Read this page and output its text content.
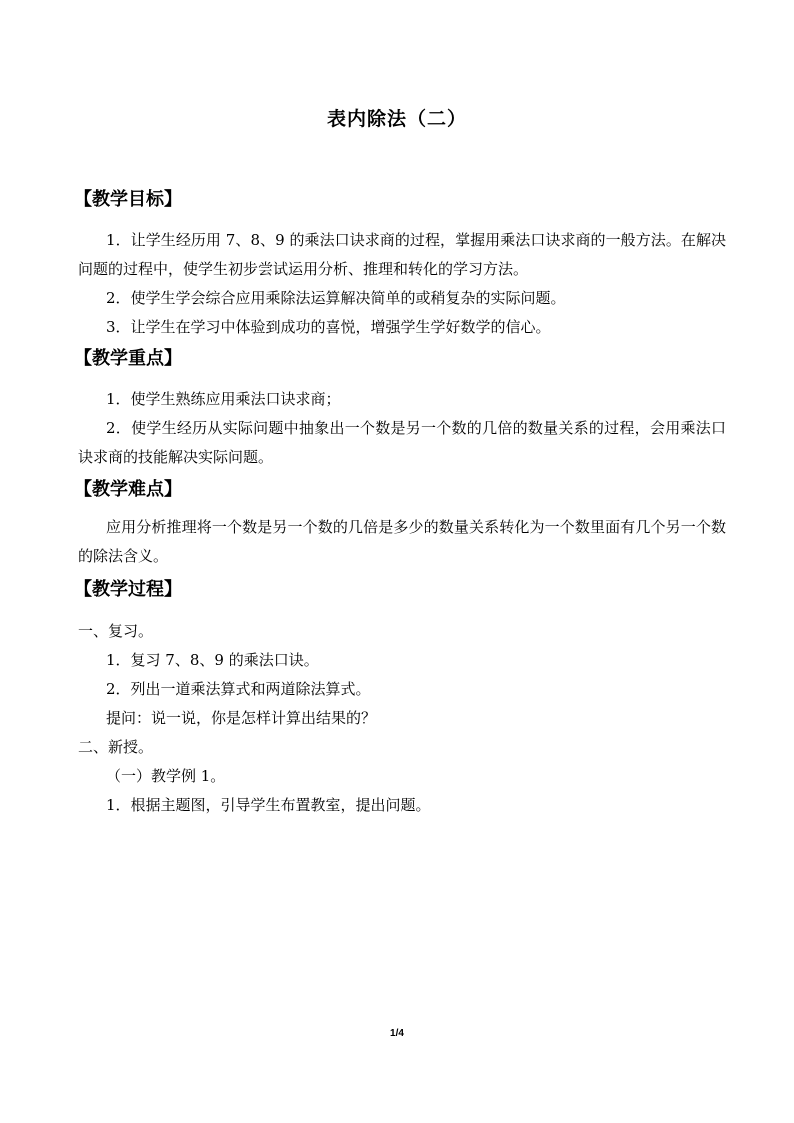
表内除法（二）
【教学目标】
1．让学生经历用 7、8、9 的乘法口诀求商的过程，掌握用乘法口诀求商的一般方法。在解决问题的过程中，使学生初步尝试运用分析、推理和转化的学习方法。
2．使学生学会综合应用乘除法运算解决简单的或稍复杂的实际问题。
3．让学生在学习中体验到成功的喜悦，增强学生学好数学的信心。
【教学重点】
1．使学生熟练应用乘法口诀求商；
2．使学生经历从实际问题中抽象出一个数是另一个数的几倍的数量关系的过程，会用乘法口诀求商的技能解决实际问题。
【教学难点】
应用分析推理将一个数是另一个数的几倍是多少的数量关系转化为一个数里面有几个另一个数的除法含义。
【教学过程】
一、复习。
1．复习 7、8、9 的乘法口诀。
2．列出一道乘法算式和两道除法算式。
提问：说一说，你是怎样计算出结果的？
二、新授。
（一）教学例 1。
1．根据主题图，引导学生布置教室，提出问题。
1/4
